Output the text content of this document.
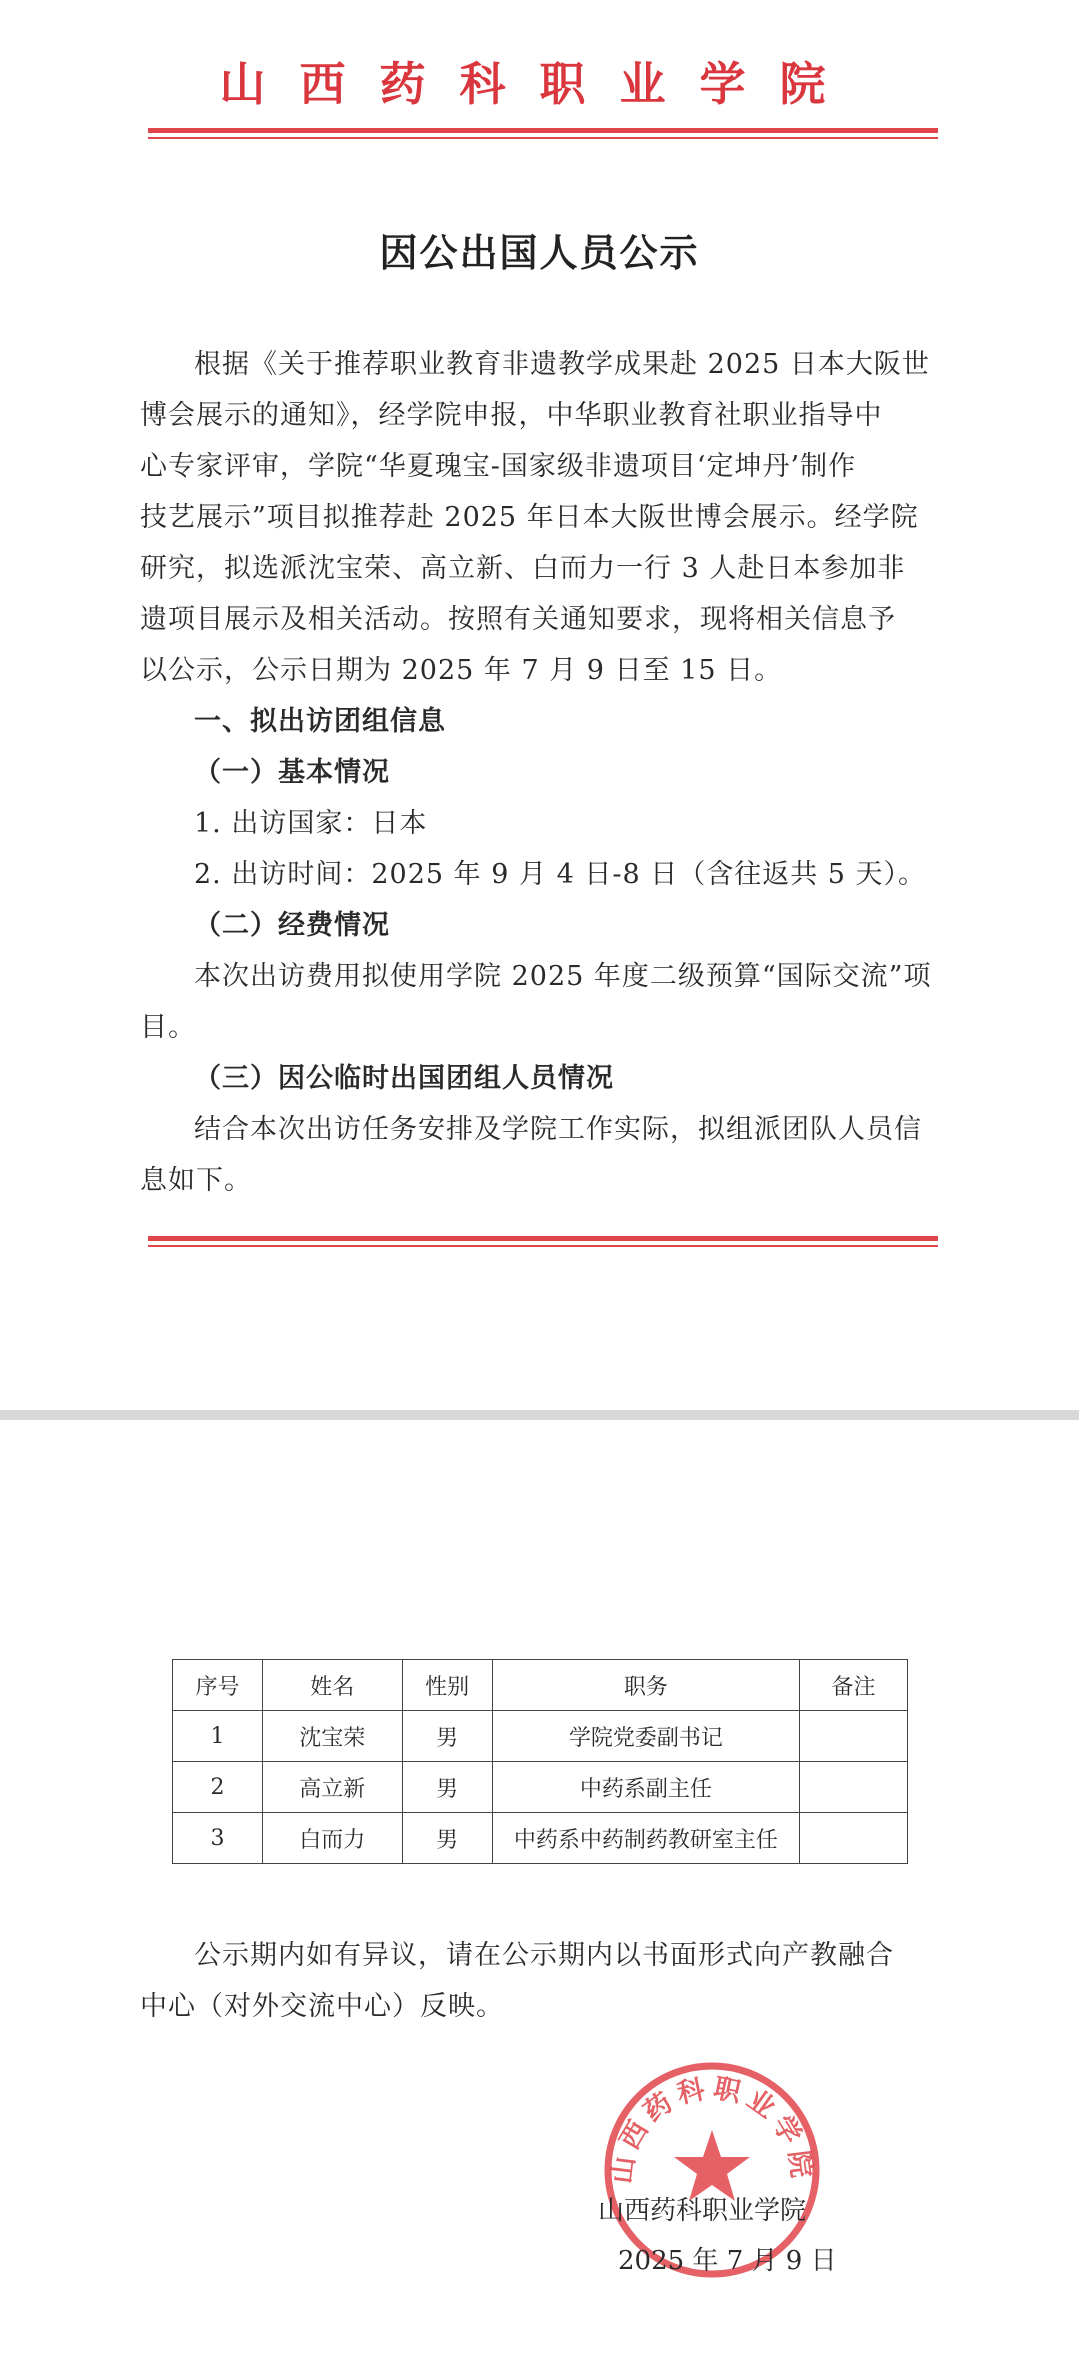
山西药科职业学院
因公出国人员公示
根据《关于推荐职业教育非遗教学成果赴 2025 日本大阪世
博会展示的通知》，经学院申报，中华职业教育社职业指导中
心专家评审，学院“华夏瑰宝-国家级非遗项目‘定坤丹’制作
技艺展示”项目拟推荐赴 2025 年日本大阪世博会展示。经学院
研究，拟选派沈宝荣、高立新、白而力一行 3 人赴日本参加非
遗项目展示及相关活动。按照有关通知要求，现将相关信息予
以公示，公示日期为 2025 年 7 月 9 日至 15 日。
一、拟出访团组信息
（一）基本情况
1. 出访国家：日本
2. 出访时间：2025 年 9 月 4 日-8 日（含往返共 5 天）。
（二）经费情况
本次出访费用拟使用学院 2025 年度二级预算“国际交流”项
目。
（三）因公临时出国团组人员情况
结合本次出访任务安排及学院工作实际，拟组派团队人员信
息如下。
序号	姓名	性别	职务	备注
1	沈宝荣	男	学院党委副书记	
2	高立新	男	中药系副主任	
3	白而力	男	中药系中药制药教研室主任	
公示期内如有异议，请在公示期内以书面形式向产教融合
中心（对外交流中心）反映。
山西药科职业学院
山西药科职业学院
2025 年 7 月 9 日
